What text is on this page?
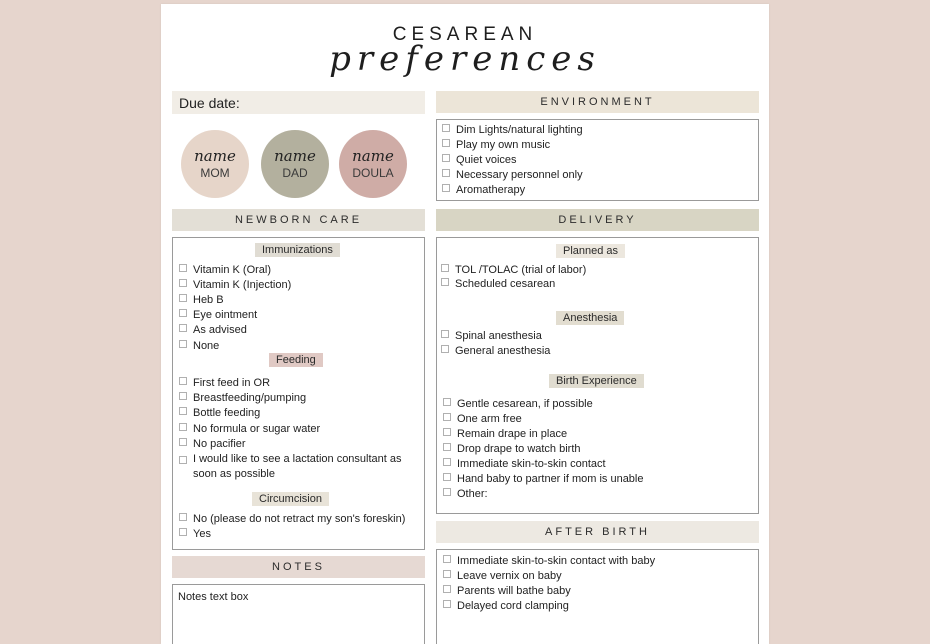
CESAREAN
preferences
Due date:
name
MOM
name
DAD
name
DOULA
ENVIRONMENT
Dim Lights/natural lighting
Play my own music
Quiet voices
Necessary personnel only
Aromatherapy
NEWBORN CARE
Immunizations
Vitamin K (Oral)
Vitamin K (Injection)
Heb B
Eye ointment
As advised
None
Feeding
First feed in OR
Breastfeeding/pumping
Bottle feeding
No formula or sugar water
No pacifier
I would like to see a lactation consultant as soon as possible
Circumcision
No (please do not retract my son's foreskin)
Yes
DELIVERY
Planned as
TOL /TOLAC (trial of labor)
Scheduled cesarean
Anesthesia
Spinal anesthesia
General anesthesia
Birth Experience
Gentle cesarean, if possible
One arm free
Remain drape in place
Drop drape to watch birth
Immediate skin-to-skin contact
Hand baby to partner if mom is unable
Other:
NOTES
Notes text box
AFTER BIRTH
Immediate skin-to-skin contact with baby
Leave vernix on baby
Parents will bathe baby
Delayed cord clamping
